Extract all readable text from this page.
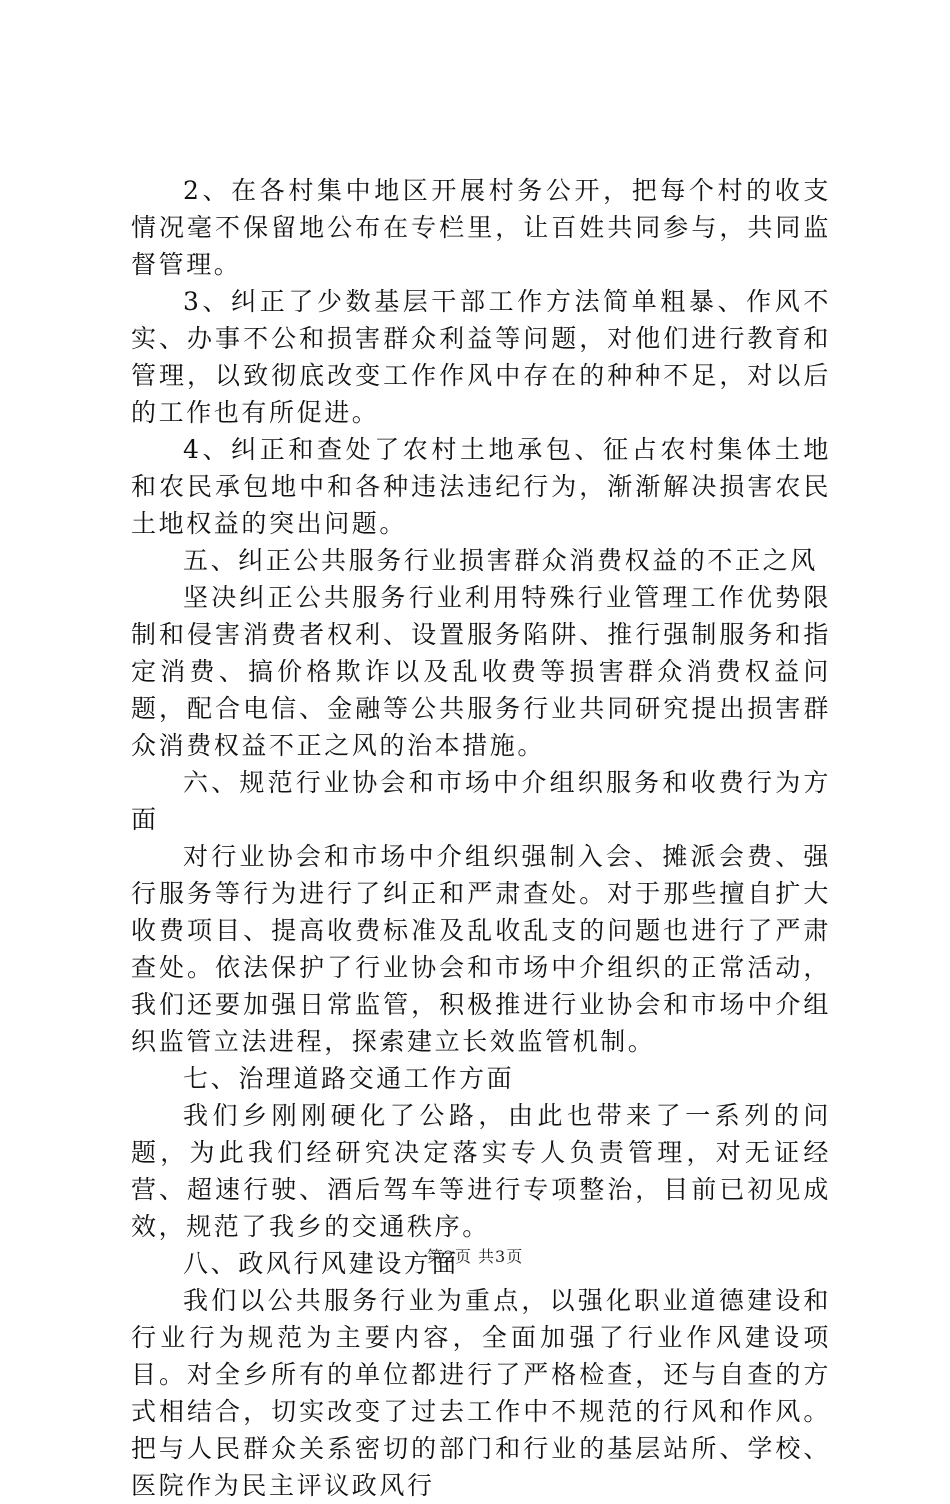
2、在各村集中地区开展村务公开，把每个村的收支情况毫不保留地公布在专栏里，让百姓共同参与，共同监督管理。

3、纠正了少数基层干部工作方法简单粗暴、作风不实、办事不公和损害群众利益等问题，对他们进行教育和管理，以致彻底改变工作作风中存在的种种不足，对以后的工作也有所促进。

4、纠正和查处了农村土地承包、征占农村集体土地和农民承包地中和各种违法违纪行为，渐渐解决损害农民土地权益的突出问题。

五、纠正公共服务行业损害群众消费权益的不正之风

坚决纠正公共服务行业利用特殊行业管理工作优势限制和侵害消费者权利、设置服务陷阱、推行强制服务和指定消费、搞价格欺诈以及乱收费等损害群众消费权益问题，配合电信、金融等公共服务行业共同研究提出损害群众消费权益不正之风的治本措施。

六、规范行业协会和市场中介组织服务和收费行为方面

对行业协会和市场中介组织强制入会、摊派会费、强行服务等行为进行了纠正和严肃查处。对于那些擅自扩大收费项目、提高收费标准及乱收乱支的问题也进行了严肃查处。依法保护了行业协会和市场中介组织的正常活动，我们还要加强日常监管，积极推进行业协会和市场中介组织监管立法进程，探索建立长效监管机制。

七、治理道路交通工作方面

我们乡刚刚硬化了公路，由此也带来了一系列的问题，为此我们经研究决定落实专人负责管理，对无证经营、超速行驶、酒后驾车等进行专项整治，目前已初见成效，规范了我乡的交通秩序。

八、政风行风建设方面

我们以公共服务行业为重点，以强化职业道德建设和行业行为规范为主要内容，全面加强了行业作风建设项目。对全乡所有的单位都进行了严格检查，还与自查的方式相结合，切实改变了过去工作中不规范的行风和作风。把与人民群众关系密切的部门和行业的基层站所、学校、医院作为民主评议政风行

第2页 共3页
